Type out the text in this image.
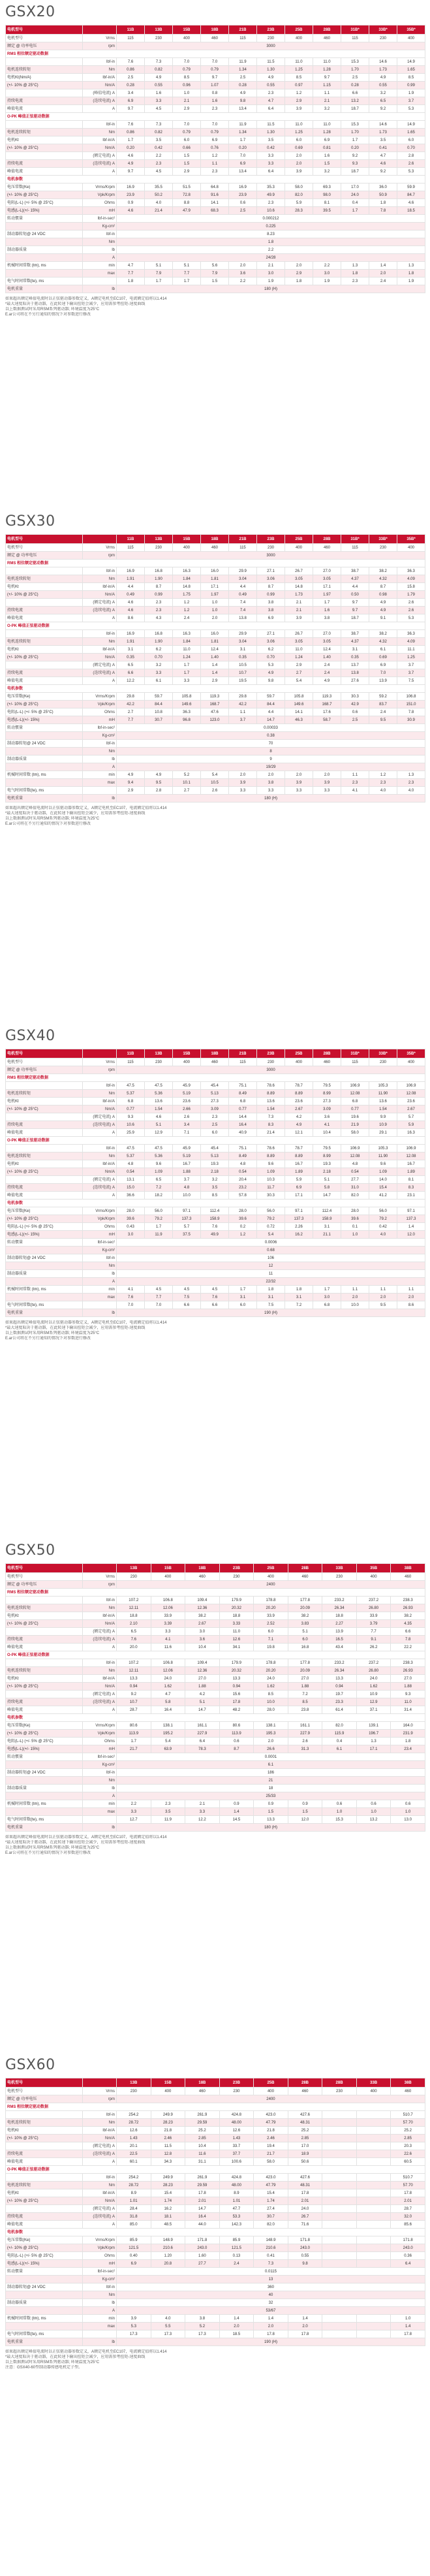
GSX20
电机型号		11B	13B	15B	18B	21B	23B	25B	28B	31B*	33B*	35B*
电机型号	Vrms	115	230	400	460	115	230	400	460	115	230	400
额定 @ 功率电压	rpm	3000										
RMS 相位额定驱动数据												
	lbf-in	7.6	7.3	7.0	7.0	11.9	11.5	11.0	11.0	15.3	14.6	14.9
电机连续转矩	Nm	0.86	0.82	0.79	0.79	1.34	1.30	1.25	1.28	1.70	1.73	1.65
电机Kt(Nm/A)	lbf-in/A	2.5	4.9	8.5	9.7	2.5	4.9	8.5	9.7	2.5	4.9	8.5
(+/- 10% @ 25°C)	Nm/A	0.28	0.55	0.96	1.07	0.28	0.55	0.97	1.15	0.28	0.55	0.99
	(峰值电流) A	3.4	1.6	1.0	0.8	4.9	2.3	1.2	1.1	6.6	3.2	1.9
持续电流	(连续电流) A	6.9	3.3	2.1	1.6	9.8	4.7	2.9	2.1	13.2	6.5	3.7
峰值电流	A	9.7	4.5	2.9	2.3	13.4	6.4	3.9	3.2	18.7	9.2	5.3
O-PK 峰值正弦驱动数据												
	lbf-in	7.6	7.3	7.0	7.0	11.9	11.5	11.0	11.0	15.3	14.6	14.9
电机连续转矩	Nm	0.86	0.82	0.79	0.79	1.34	1.30	1.25	1.28	1.70	1.73	1.65
电机Kt	lbf-in/A	1.7	3.5	6.0	6.9	1.7	3.5	6.0	6.9	1.7	3.5	6.0
(+/- 10% @ 25°C)	Nm/A	0.20	0.42	0.66	0.76	0.20	0.42	0.69	0.81	0.20	0.41	0.70
	(额定电流) A	4.6	2.2	1.5	1.2	7.0	3.3	2.0	1.6	9.2	4.7	2.8
持续电流	(连续电流) A	4.9	2.3	1.5	1.1	6.9	3.3	2.0	1.5	9.3	4.6	2.6
峰值电流	A	9.7	4.5	2.9	2.3	13.4	6.4	3.9	3.2	18.7	9.2	5.3
电机参数												
电压常数(Ke)	Vrms/Krpm	16.9	35.5	51.5	64.8	16.9	35.3	58.0	69.3	17.0	36.0	59.9
(+/- 10% @ 25°C)	Vpk/Krpm	23.9	50.2	72.8	91.6	23.9	49.9	82.0	98.0	24.0	50.9	84.7
电阻(L-L) (+/- 5% @ 25°C)	Ohms	0.9	4.0	8.8	14.1	0.6	2.3	5.9	8.1	0.4	1.8	4.6
电感(L-L)(+/- 15%)	mH	4.6	21.4	47.9	68.3	2.5	10.6	28.3	39.5	1.7	7.8	18.5
转动惯量	lbf-in-sec²	0.000212										
	Kg-cm²	0.225										
制动器转矩@ 24 VDC	lbf-in	8.23										
	Nm	1.8										
制动器质量	lb	2.2										
	A	24/28										
机械时间常数 (tm), ms	min	4.7	5.1	5.1	5.6	2.0	2.1	2.0	2.2	1.3	1.4	1.3
	max	7.7	7.9	7.7	7.9	3.6	3.0	2.9	3.0	1.8	2.0	1.8
电气时间常数(te), ms		1.8	1.7	1.7	1.5	2.2	1.9	1.8	1.9	2.3	2.4	1.9
电机重量	lb	180 (H)										
如果超出额定峰值电流时以正弦驱动器参数定义，A额定电机至EC107，电流额定值将以1.414
*最大速度取决于驱动器，在此转速下输出扭矩会减少，应用需参考扭矩-速度曲线
以上数据测试时采用RSM系列驱动器; 环境温度为25°C
E.ar公司将在不另行通知的情况下对参数进行修改
GSX30
电机型号		11B	13B	15B	18B	21B	23B	25B	28B	31B*	33B*	35B*
电机型号	Vrms	115	230	400	460	115	230	400	460	115	230	400
额定 @ 功率电压	rpm	3000										
RMS 相位额定驱动数据												
	lbf-in	16.9	16.8	16.3	16.0	29.9	27.1	26.7	27.0	38.7	38.2	36.3
电机连续转矩	Nm	1.91	1.90	1.84	1.81	3.04	3.06	3.05	3.05	4.37	4.32	4.09
电机Kt	lbf-in/A	4.4	8.7	14.8	17.1	4.4	8.7	14.8	17.1	4.4	8.7	15.8
(+/- 10% @ 25°C)	Nm/A	0.49	0.99	1.75	1.97	0.49	0.99	1.73	1.97	0.50	0.98	1.79
	(额定电流) A	4.6	2.3	1.2	1.0	7.4	3.8	2.1	1.7	9.7	4.9	2.6
持续电流	(连续电流) A	4.6	2.3	1.2	1.0	7.4	3.8	2.1	1.6	9.7	4.9	2.6
峰值电流	A	8.6	4.3	2.4	2.0	13.8	6.9	3.9	3.8	18.7	9.1	5.3
O-PK 峰值正弦驱动数据												
	lbf-in	16.9	16.8	16.3	16.0	29.9	27.1	26.7	27.0	38.7	38.2	36.3
电机连续转矩	Nm	1.91	1.90	1.84	1.81	3.04	3.06	3.05	3.05	4.37	4.32	4.09
电机Kt	lbf-in/A	3.1	6.2	11.0	12.4	3.1	6.2	11.0	12.4	3.1	6.1	11.1
(+/- 10% @ 25°C)	Nm/A	0.35	0.70	1.24	1.40	0.35	0.70	1.24	1.40	0.35	0.69	1.25
	(额定电流) A	6.5	3.2	1.7	1.4	10.5	5.3	2.9	2.4	13.7	6.9	3.7
持续电流	(连续电流) A	6.6	3.3	1.7	1.4	10.7	4.9	2.7	2.4	13.8	7.0	3.7
峰值电流	A	12.2	6.1	3.3	2.9	19.5	9.8	5.4	4.9	27.6	13.9	7.5
电机参数												
电压常数(Ke)	Vrms/Krpm	29.8	59.7	105.8	119.3	29.8	59.7	105.8	119.3	30.3	59.2	106.8
(+/- 10% @ 25°C)	Vpk/Krpm	42.2	84.4	149.6	168.7	42.2	84.4	149.6	168.7	42.9	83.7	151.0
电阻(L-L) (+/- 5% @ 25°C)	Ohms	2.7	10.8	36.3	47.6	1.1	4.4	14.1	17.6	0.6	2.4	7.8
电感(L-L)(+/- 15%)	mH	7.7	30.7	96.8	123.0	3.7	14.7	46.3	58.7	2.5	9.5	30.9
转动惯量	lbf-in-sec²	0.00033										
	Kg-cm²	0.38										
制动器转矩@ 24 VDC	lbf-in	70										
	Nm	8										
制动器质量	lb	9										
	A	19/29										
机械时间常数 (tm), ms	min	4.9	4.9	5.2	5.4	2.0	2.0	2.0	2.0	1.1	1.2	1.3
	max	9.4	9.5	10.1	10.5	3.9	3.8	3.9	3.9	2.3	2.3	2.3
电气时间常数(te), ms		2.9	2.8	2.7	2.6	3.3	3.3	3.3	3.3	4.1	4.0	4.0
电机重量	lb	180 (H)										
如果超出额定峰值电流时以正弦驱动器参数定义，A额定电机至EC107，电流额定值将以1.414
*最大速度取决于驱动器，在此转速下输出扭矩会减少，应用需参考扭矩-速度曲线
以上数据测试时采用RSM系列驱动器; 环境温度为25°C
E.ar公司将在不另行通知的情况下对参数进行修改
GSX40
电机型号		11B	13B	15B	18B	21B	23B	25B	28B	31B*	33B*	35B*
电机型号	Vrms	115	230	400	460	115	230	400	460	115	230	400
额定 @ 功率电压	rpm	3000										
RMS 相位额定驱动数据												
	lbf-in	47.5	47.5	45.9	45.4	75.1	78.6	78.7	79.5	106.9	105.3	106.9
电机连续转矩	Nm	5.37	5.36	5.19	5.13	8.49	8.89	8.89	8.99	12.08	11.90	12.08
电机Kt	lbf-in/A	6.8	13.6	23.6	27.3	6.8	13.6	23.6	27.3	6.8	13.6	23.6
(+/- 10% @ 25°C)	Nm/A	0.77	1.54	2.66	3.09	0.77	1.54	2.67	3.09	0.77	1.54	2.67
	(额定电流) A	9.3	4.6	2.6	2.3	14.4	7.3	4.2	3.6	19.6	9.9	5.7
持续电流	(连续电流) A	10.6	5.1	3.4	2.5	16.4	8.3	4.9	4.1	21.9	10.9	5.9
峰值电流	A	25.9	12.9	7.1	6.0	40.9	21.4	12.1	10.4	58.0	29.1	16.3
O-PK 峰值正弦驱动数据												
	lbf-in	47.5	47.5	45.9	45.4	75.1	78.6	78.7	79.5	106.9	105.3	106.9
电机连续转矩	Nm	5.37	5.36	5.19	5.13	8.49	8.89	8.89	8.99	12.08	11.90	12.08
电机Kt	lbf-in/A	4.8	9.6	16.7	19.3	4.8	9.6	16.7	19.3	4.8	9.6	16.7
(+/- 10% @ 25°C)	Nm/A	0.54	1.09	1.88	2.18	0.54	1.09	1.89	2.18	0.54	1.09	1.89
	(额定电流) A	13.1	6.5	3.7	3.2	20.4	10.3	5.9	5.1	27.7	14.0	8.1
持续电流	(连续电流) A	15.0	7.2	4.8	3.5	23.2	11.7	6.9	5.8	31.0	15.4	8.3
峰值电流	A	36.6	18.2	10.0	8.5	57.8	30.3	17.1	14.7	82.0	41.2	23.1
电机参数												
电压常数(Ke)	Vrms/Krpm	28.0	56.0	97.1	112.4	28.0	56.0	97.1	112.4	28.0	56.0	97.1
(+/- 10% @ 25°C)	Vpk/Krpm	39.6	79.2	137.3	158.9	39.6	79.2	137.3	158.9	39.6	79.2	137.3
电阻(L-L) (+/- 5% @ 25°C)	Ohms	0.43	1.7	5.7	7.6	0.2	0.72	2.26	3.1	0.1	0.42	1.4
电感(L-L)(+/- 15%)	mH	3.0	11.9	37.5	49.9	1.2	5.4	16.2	21.1	1.0	4.0	12.0
转动惯量	lbf-in-sec²	0.0006										
	Kg-cm²	0.68										
制动器转矩@ 24 VDC	lbf-in	106										
	Nm	12										
制动器质量	lb	11										
	A	22/32										
机械时间常数 (tm), ms	min	4.1	4.5	4.5	4.5	1.7	1.8	1.8	1.7	1.1	1.1	1.1
	max	7.6	7.7	7.5	7.6	3.1	3.1	3.1	3.0	2.0	2.0	2.0
电气时间常数(te), ms		7.0	7.0	6.6	6.6	6.0	7.5	7.2	6.8	10.0	9.5	8.6
电机重量	lb	190 (H)										
如果超出额定峰值电流时以正弦驱动器参数定义，A额定电机至EC107，电流额定值将以1.414
*最大速度取决于驱动器，在此转速下输出扭矩会减少，应用需参考扭矩-速度曲线
以上数据测试时采用RSM系列驱动器; 环境温度为25°C
E.ar公司将在不另行通知的情况下对参数进行修改
GSX50
电机型号		13B	15B	18B	23B	25B	28B	33B	35B	38B
电机型号	Vrms	230	400	460	230	400	460	230	400	460
额定 @ 功率电压	rpm	2400								
RMS 相位额定驱动数据										
	lbf-in	107.2	106.8	109.4	179.9	178.8	177.8	233.2	237.2	238.3
电机连续转矩	Nm	12.11	12.06	12.36	20.32	20.20	20.09	26.34	26.80	26.93
电机Kt	lbf-in/A	18.8	33.9	38.2	18.8	33.9	38.2	18.8	33.9	38.2
(+/- 10% @ 25°C)	Nm/A	2.10	3.39	2.67	3.33	2.52	3.83	2.27	3.79	4.35
	(额定电流) A	6.5	3.3	3.0	11.0	6.0	5.1	13.9	7.7	6.6
持续电流	(连续电流) A	7.6	4.1	3.6	12.6	7.1	6.0	16.5	9.1	7.8
峰值电流	A	20.0	11.6	10.4	34.1	19.8	16.8	43.4	26.2	22.2
O-PK 峰值正弦驱动数据										
	lbf-in	107.2	106.8	109.4	179.9	178.8	177.8	233.2	237.2	238.3
电机连续转矩	Nm	12.11	12.06	12.36	20.32	20.20	20.09	26.34	26.80	26.93
电机Kt	lbf-in/A	13.3	24.0	27.0	13.3	24.0	27.0	13.3	24.0	27.0
(+/- 10% @ 25°C)	Nm/A	0.94	1.62	1.88	0.94	1.62	1.88	0.94	1.62	1.88
	(额定电流) A	9.2	4.7	4.2	15.6	8.5	7.2	19.7	10.9	9.3
持续电流	(连续电流) A	10.7	5.8	5.1	17.8	10.0	8.5	23.3	12.9	11.0
峰值电流	A	28.7	16.4	14.7	48.2	28.0	23.8	61.4	37.1	31.4
电机参数										
电压常数(Ke)	Vrms/Krpm	80.6	138.1	161.1	80.6	138.1	161.1	82.0	139.1	164.0
(+/- 10% @ 25°C)	Vpk/Krpm	113.9	195.2	227.9	113.9	195.3	227.9	115.9	196.7	231.9
电阻(L-L) (+/- 5% @ 25°C)	Ohms	1.7	5.4	6.4	0.6	2.0	2.6	0.4	1.3	1.8
电感(L-L)(+/- 15%)	mH	21.7	63.9	78.3	8.7	26.6	31.3	6.1	17.1	23.4
转动惯量	lbf-in-sec²	0.0001								
	Kg-cm²	6.1								
制动器转矩@ 24 VDC	lbf-in	186								
	Nm	21								
制动器质量	lb	18								
	A	25/33								
机械时间常数 (tm), ms	min	2.2	2.3	2.1	0.9	0.9	0.9	0.6	0.6	0.6
	max	3.3	3.5	3.3	1.4	1.5	1.5	1.0	1.0	1.0
电气时间常数(te), ms		12.7	11.9	12.2	14.5	13.3	12.0	15.3	13.2	13.0
电机重量	lb	180 (H)								
如果超出额定峰值电流时以正弦驱动器参数定义，A额定电机至EC107，电流额定值将以1.414
*最大速度取决于驱动器，在此转速下输出扭矩会减少，应用需参考扭矩-速度曲线
以上数据测试时采用RSM系列驱动器; 环境温度为25°C
E.ar公司将在不另行通知的情况下对参数进行修改
GSX60
电机型号		13B	15B	18B	23B	25B	28B	28B	33B	38B
电机型号	Vrms	230	400	460	230	400	460	230	400	460
额定 @ 功率电压	rpm	2400								
RMS 相位额定驱动数据										
	lbf-in	254.2	249.9	261.9	424.8	423.0	427.6			510.7
电机连续转矩	Nm	28.72	28.23	29.59	48.00	47.79	48.31			57.70
电机Kt	lbf-in/A	12.6	21.8	25.2	12.6	21.8	25.2			25.2
(+/- 10% @ 25°C)	Nm/A	1.43	2.46	2.85	1.43	2.46	2.85			2.85
	(额定电流) A	20.1	11.5	10.4	33.7	19.4	17.0			20.3
持续电流	(连续电流) A	22.5	12.8	11.6	37.7	21.7	18.9			22.6
峰值电流	A	60.1	34.3	31.1	100.6	58.0	50.6			60.5
O-PK 峰值正弦驱动数据										
	lbf-in	254.2	249.9	261.9	424.8	423.0	427.6			510.7
电机连续转矩	Nm	28.72	28.23	29.59	48.00	47.79	48.31			57.70
电机Kt	lbf-in/A	8.9	15.4	17.8	8.9	15.4	17.8			17.8
(+/- 10% @ 25°C)	Nm/A	1.01	1.74	2.01	1.01	1.74	2.01			2.01
	(额定电流) A	28.4	16.2	14.7	47.7	27.4	24.0			28.7
持续电流	(连续电流) A	31.8	18.1	16.4	53.3	30.7	26.7			32.0
峰值电流	A	85.0	48.5	44.0	142.3	82.0	71.6			85.6
电机参数										
电压常数(Ke)	Vrms/Krpm	85.9	148.9	171.8	85.9	148.9	171.8			171.8
(+/- 10% @ 25°C)	Vpk/Krpm	121.5	210.6	243.0	121.5	210.6	243.0			243.0
电阻(L-L) (+/- 5% @ 25°C)	Ohms	0.40	1.20	1.60	0.13	0.41	0.55			0.36
电感(L-L)(+/- 15%)	mH	6.9	20.8	27.7	2.4	7.3	9.8			6.4
转动惯量	lbf-in-sec²	0.0115								
	Kg-cm²	13								
制动器转矩@ 24 VDC	lbf-in	360								
	Nm	40								
制动器质量	lb	32								
	A	53/67								
机械时间常数 (tm), ms	min	3.9	4.0	3.8	1.4	1.4	1.4			1.0
	max	5.3	5.5	5.2	2.0	2.0	2.0			1.4
电气时间常数(te), ms		17.3	17.3	17.3	18.5	17.8	17.8			17.8
电机重量	lb	190 (H)								
如果超出额定峰值电流时以正弦驱动器参数定义，A额定电机至EC107，电流额定值将以1.414
*最大速度取决于驱动器，在此转速下输出扭矩会减少，应用需参考扭矩-速度曲线
以上数据测试时采用RSM系列驱动器; 环境温度为25°C
注意：GSX40-60型制动器传感电机定子型。
